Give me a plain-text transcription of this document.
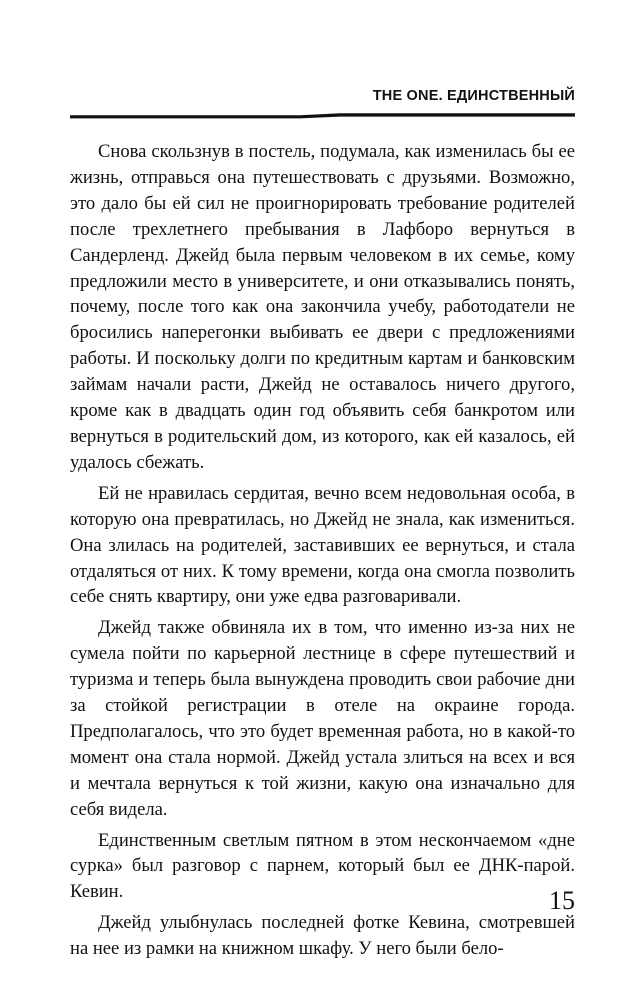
THE ONE. ЕДИНСТВЕННЫЙ

Снова скользнув в постель, подумала, как изменилась бы ее жизнь, отправься она путешествовать с друзьями. Возможно, это дало бы ей сил не проигнорировать требование родителей после трехлетнего пребывания в Лафборо вернуться в Сандерленд. Джейд была первым человеком в их семье, кому предложили место в университете, и они отказывались понять, почему, после того как она закончила учебу, работодатели не бросились наперегонки выбивать ее двери с предложениями работы. И поскольку долги по кредитным картам и банковским займам начали расти, Джейд не оставалось ничего другого, кроме как в двадцать один год объявить себя банкротом или вернуться в родительский дом, из которого, как ей казалось, ей удалось сбежать.

Ей не нравилась сердитая, вечно всем недовольная особа, в которую она превратилась, но Джейд не знала, как измениться. Она злилась на родителей, заставивших ее вернуться, и стала отдаляться от них. К тому времени, когда она смогла позволить себе снять квартиру, они уже едва разговаривали.

Джейд также обвиняла их в том, что именно из-за них не сумела пойти по карьерной лестнице в сфере путешествий и туризма и теперь была вынуждена проводить свои рабочие дни за стойкой регистрации в отеле на окраине города. Предполагалось, что это будет временная работа, но в какой-то момент она стала нормой. Джейд устала злиться на всех и вся и мечтала вернуться к той жизни, какую она изначально для себя видела.

Единственным светлым пятном в этом нескончаемом «дне сурка» был разговор с парнем, который был ее ДНК-парой. Кевин.

Джейд улыбнулась последней фотке Кевина, смотревшей на нее из рамки на книжном шкафу. У него были бело-

15
